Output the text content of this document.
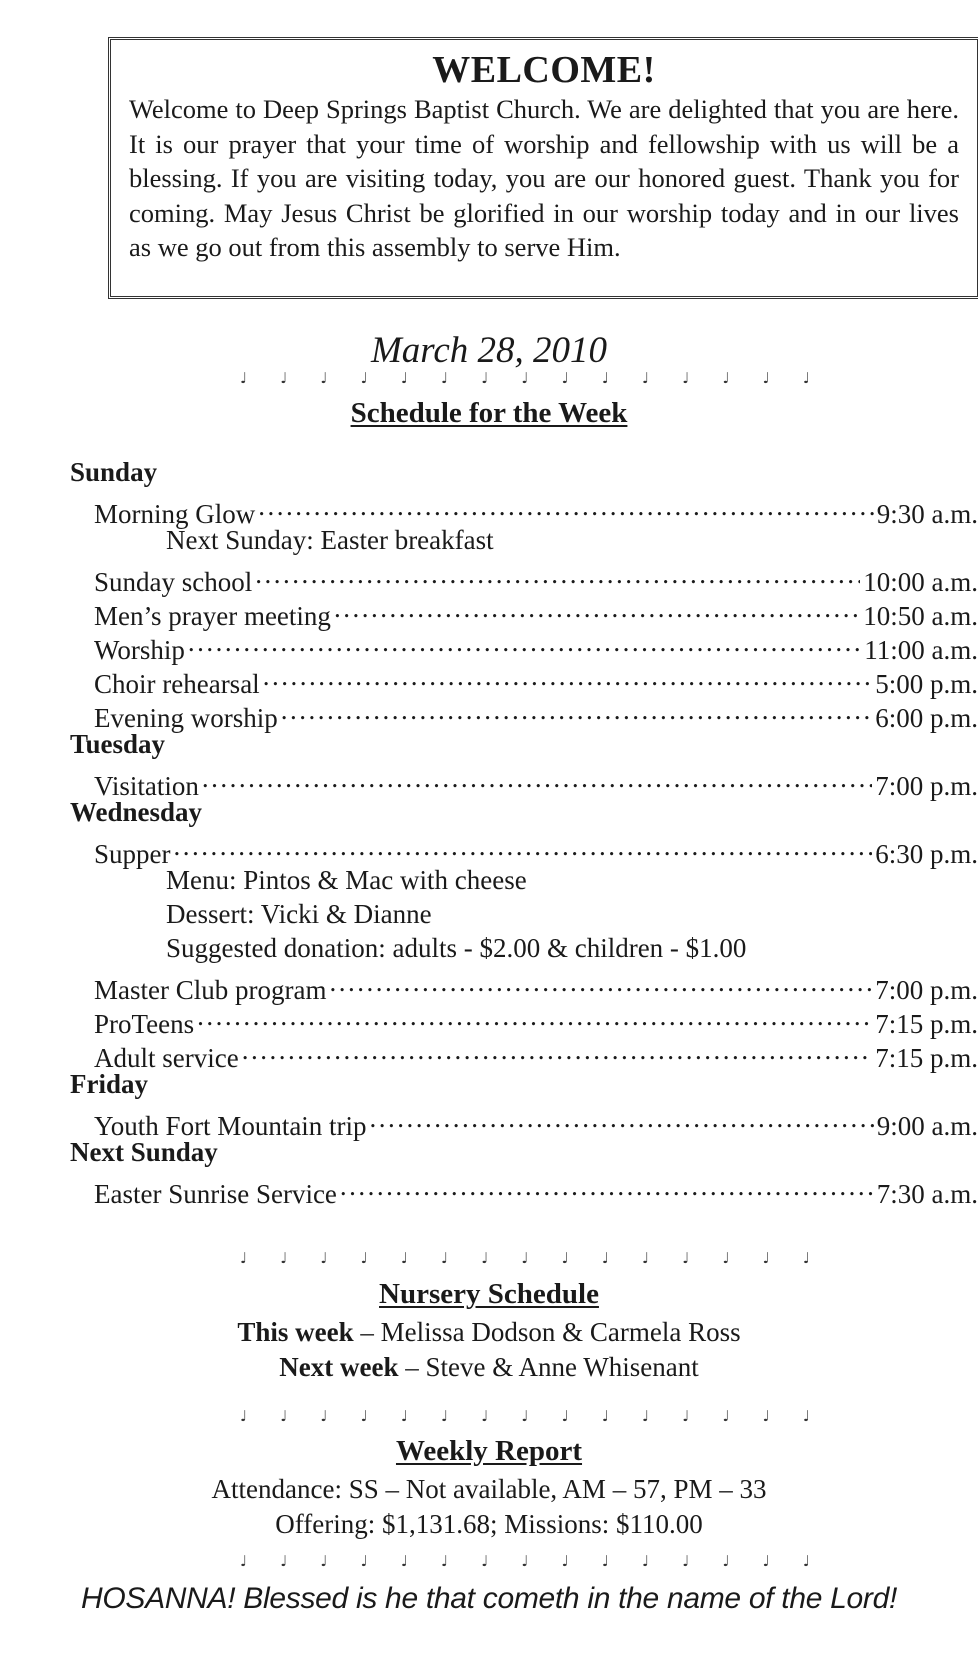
WELCOME!

Welcome to Deep Springs Baptist Church. We are delighted that you are here. It is our prayer that your time of worship and fellowship with us will be a blessing. If you are visiting today, you are our honored guest. Thank you for coming. May Jesus Christ be glorified in our worship today and in our lives as we go out from this assembly to serve Him.

March 28, 2010
♩ ♩ ♩ ♩ ♩ ♩ ♩ ♩ ♩ ♩ ♩ ♩ ♩ ♩ ♩
Schedule for the Week
Sunday
Morning Glow .....	9:30 a.m.
Next Sunday: Easter breakfast
Sunday school .....	10:00 a.m.
Men’s prayer meeting .....	10:50 a.m.
Worship .....	11:00 a.m.
Choir rehearsal .....	5:00 p.m.
Evening worship .....	6:00 p.m.
Tuesday
Visitation .....	7:00 p.m.
Wednesday
Supper .....	6:30 p.m.
Menu: Pintos & Mac with cheese
Dessert: Vicki & Dianne
Suggested donation: adults - $2.00 & children - $1.00
Master Club program .....	7:00 p.m.
ProTeens .....	7:15 p.m.
Adult service .....	7:15 p.m.
Friday
Youth Fort Mountain trip .....	9:00 a.m.
Next Sunday
Easter Sunrise Service .....	7:30 a.m.
♩ ♩ ♩ ♩ ♩ ♩ ♩ ♩ ♩ ♩ ♩ ♩ ♩ ♩ ♩
Nursery Schedule
This week – Melissa Dodson & Carmela Ross
Next week – Steve & Anne Whisenant
♩ ♩ ♩ ♩ ♩ ♩ ♩ ♩ ♩ ♩ ♩ ♩ ♩ ♩ ♩
Weekly Report
Attendance: SS – Not available, AM – 57, PM – 33
Offering: $1,131.68; Missions: $110.00
♩ ♩ ♩ ♩ ♩ ♩ ♩ ♩ ♩ ♩ ♩ ♩ ♩ ♩ ♩
HOSANNA! Blessed is he that cometh in the name of the Lord!
